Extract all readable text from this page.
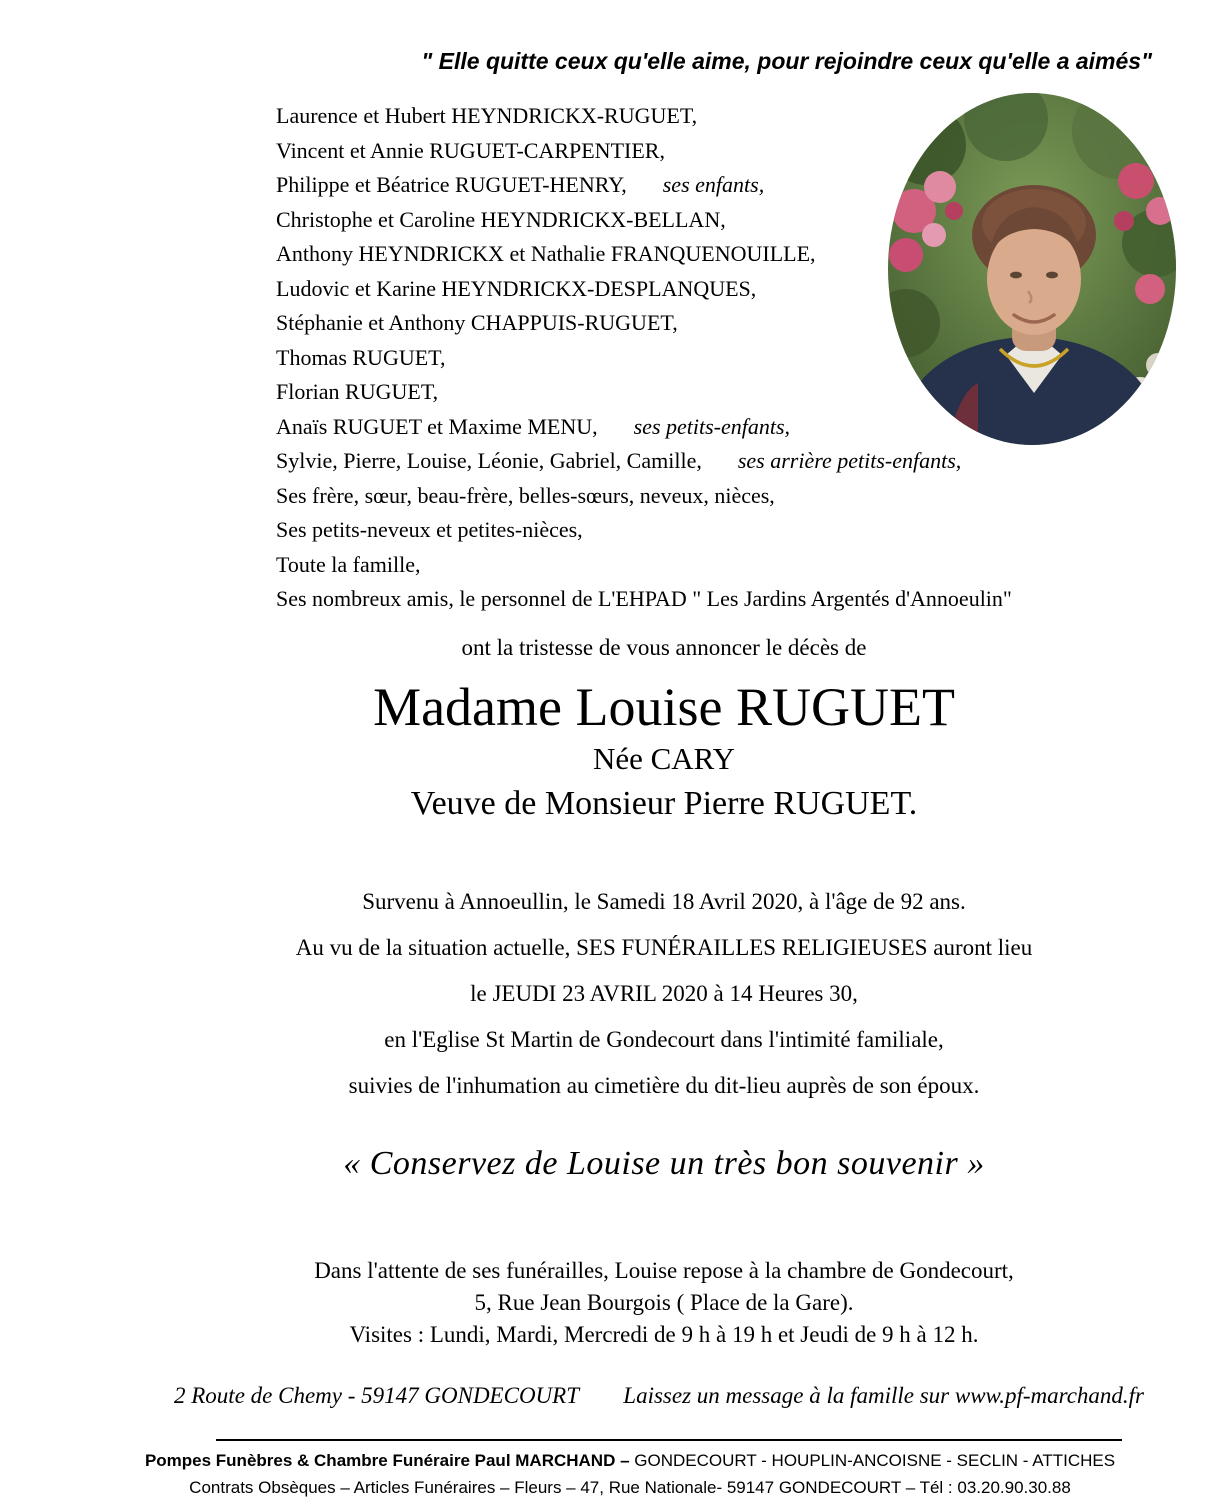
" Elle quitte ceux qu'elle aime, pour rejoindre ceux qu'elle a aimés"
Laurence et Hubert HEYNDRICKX-RUGUET,
Vincent et Annie RUGUET-CARPENTIER,
Philippe et Béatrice RUGUET-HENRY, ses enfants,
Christophe et Caroline HEYNDRICKX-BELLAN,
Anthony HEYNDRICKX et Nathalie FRANQUENOUILLE,
Ludovic et Karine HEYNDRICKX-DESPLANQUES,
Stéphanie et Anthony CHAPPUIS-RUGUET,
Thomas RUGUET,
Florian RUGUET,
Anaïs RUGUET et Maxime MENU, ses petits-enfants,
Sylvie, Pierre, Louise, Léonie, Gabriel, Camille, ses arrière petits-enfants,
Ses frère, sœur, beau-frère, belles-sœurs, neveux, nièces,
Ses petits-neveux et petites-nièces,
Toute la famille,
Ses nombreux amis, le personnel de L'EHPAD " Les Jardins Argentés d'Annoeulin"
ont la tristesse de vous annoncer le décès de
Madame Louise RUGUET
Née CARY
Veuve de Monsieur Pierre RUGUET.
Survenu à Annoeullin, le Samedi 18 Avril 2020, à l'âge de 92 ans.
Au vu de la situation actuelle, SES FUNÉRAILLES RELIGIEUSES auront lieu
le JEUDI 23 AVRIL 2020 à 14 Heures 30,
en l'Eglise St Martin de Gondecourt dans l'intimité familiale,
suivies de l'inhumation au cimetière du dit-lieu auprès de son époux.
« Conservez de Louise un très bon souvenir »
Dans l'attente de ses funérailles, Louise repose à la chambre de Gondecourt,
5, Rue Jean Bourgois ( Place de la Gare).
Visites : Lundi, Mardi, Mercredi de 9 h à 19 h et Jeudi de 9 h à 12 h.
2 Route de Chemy - 59147 GONDECOURT Laissez un message à la famille sur www.pf-marchand.fr
Pompes Funèbres & Chambre Funéraire Paul MARCHAND – GONDECOURT - HOUPLIN-ANCOISNE - SECLIN - ATTICHES
Contrats Obsèques – Articles Funéraires – Fleurs – 47, Rue Nationale- 59147 GONDECOURT – Tél : 03.20.90.30.88
